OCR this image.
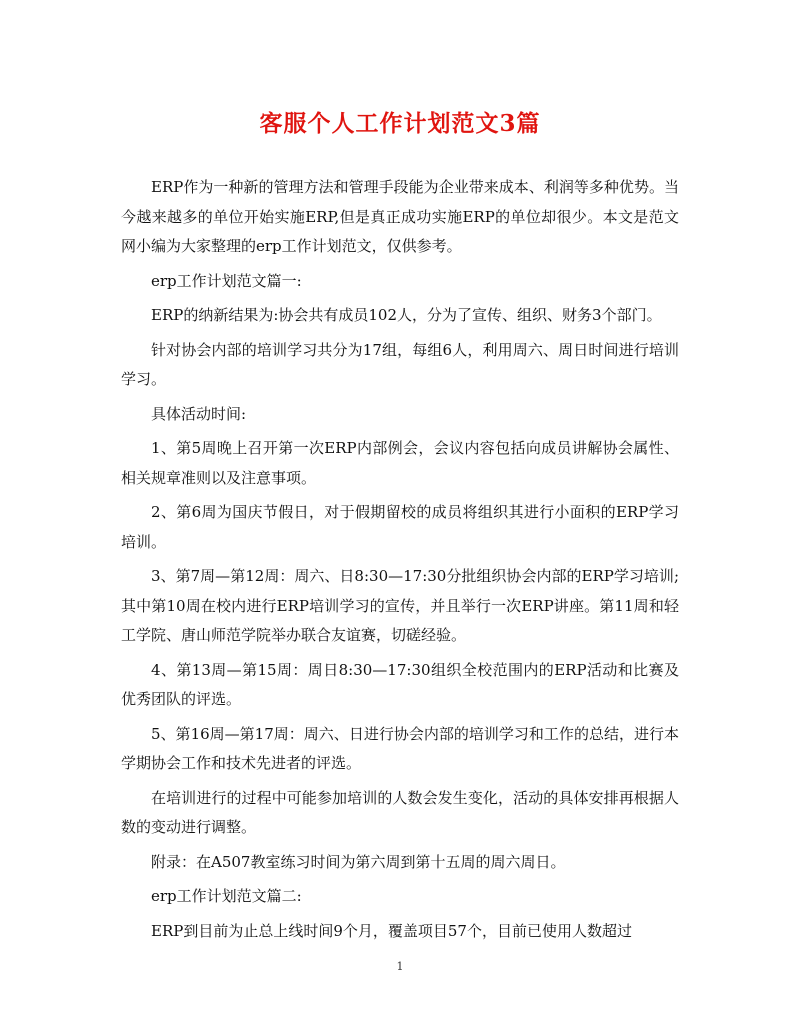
客服个人工作计划范文3篇

ERP作为一种新的管理方法和管理手段能为企业带来成本、利润等多种优势。当今越来越多的单位开始实施ERP,但是真正成功实施ERP的单位却很少。本文是范文网小编为大家整理的erp工作计划范文，仅供参考。

erp工作计划范文篇一:

ERP的纳新结果为:协会共有成员102人，分为了宣传、组织、财务3个部门。

针对协会内部的培训学习共分为17组，每组6人，利用周六、周日时间进行培训学习。

具体活动时间:

1、第5周晚上召开第一次ERP内部例会，会议内容包括向成员讲解协会属性、相关规章准则以及注意事项。

2、第6周为国庆节假日，对于假期留校的成员将组织其进行小面积的ERP学习培训。

3、第7周—第12周：周六、日8:30—17:30分批组织协会内部的ERP学习培训;其中第10周在校内进行ERP培训学习的宣传，并且举行一次ERP讲座。第11周和轻工学院、唐山师范学院举办联合友谊赛，切磋经验。

4、第13周—第15周：周日8:30—17:30组织全校范围内的ERP活动和比赛及优秀团队的评选。

5、第16周—第17周：周六、日进行协会内部的培训学习和工作的总结，进行本学期协会工作和技术先进者的评选。

在培训进行的过程中可能参加培训的人数会发生变化，活动的具体安排再根据人数的变动进行调整。

附录：在A507教室练习时间为第六周到第十五周的周六周日。

erp工作计划范文篇二:

ERP到目前为止总上线时间9个月，覆盖项目57个，目前已使用人数超过

1
